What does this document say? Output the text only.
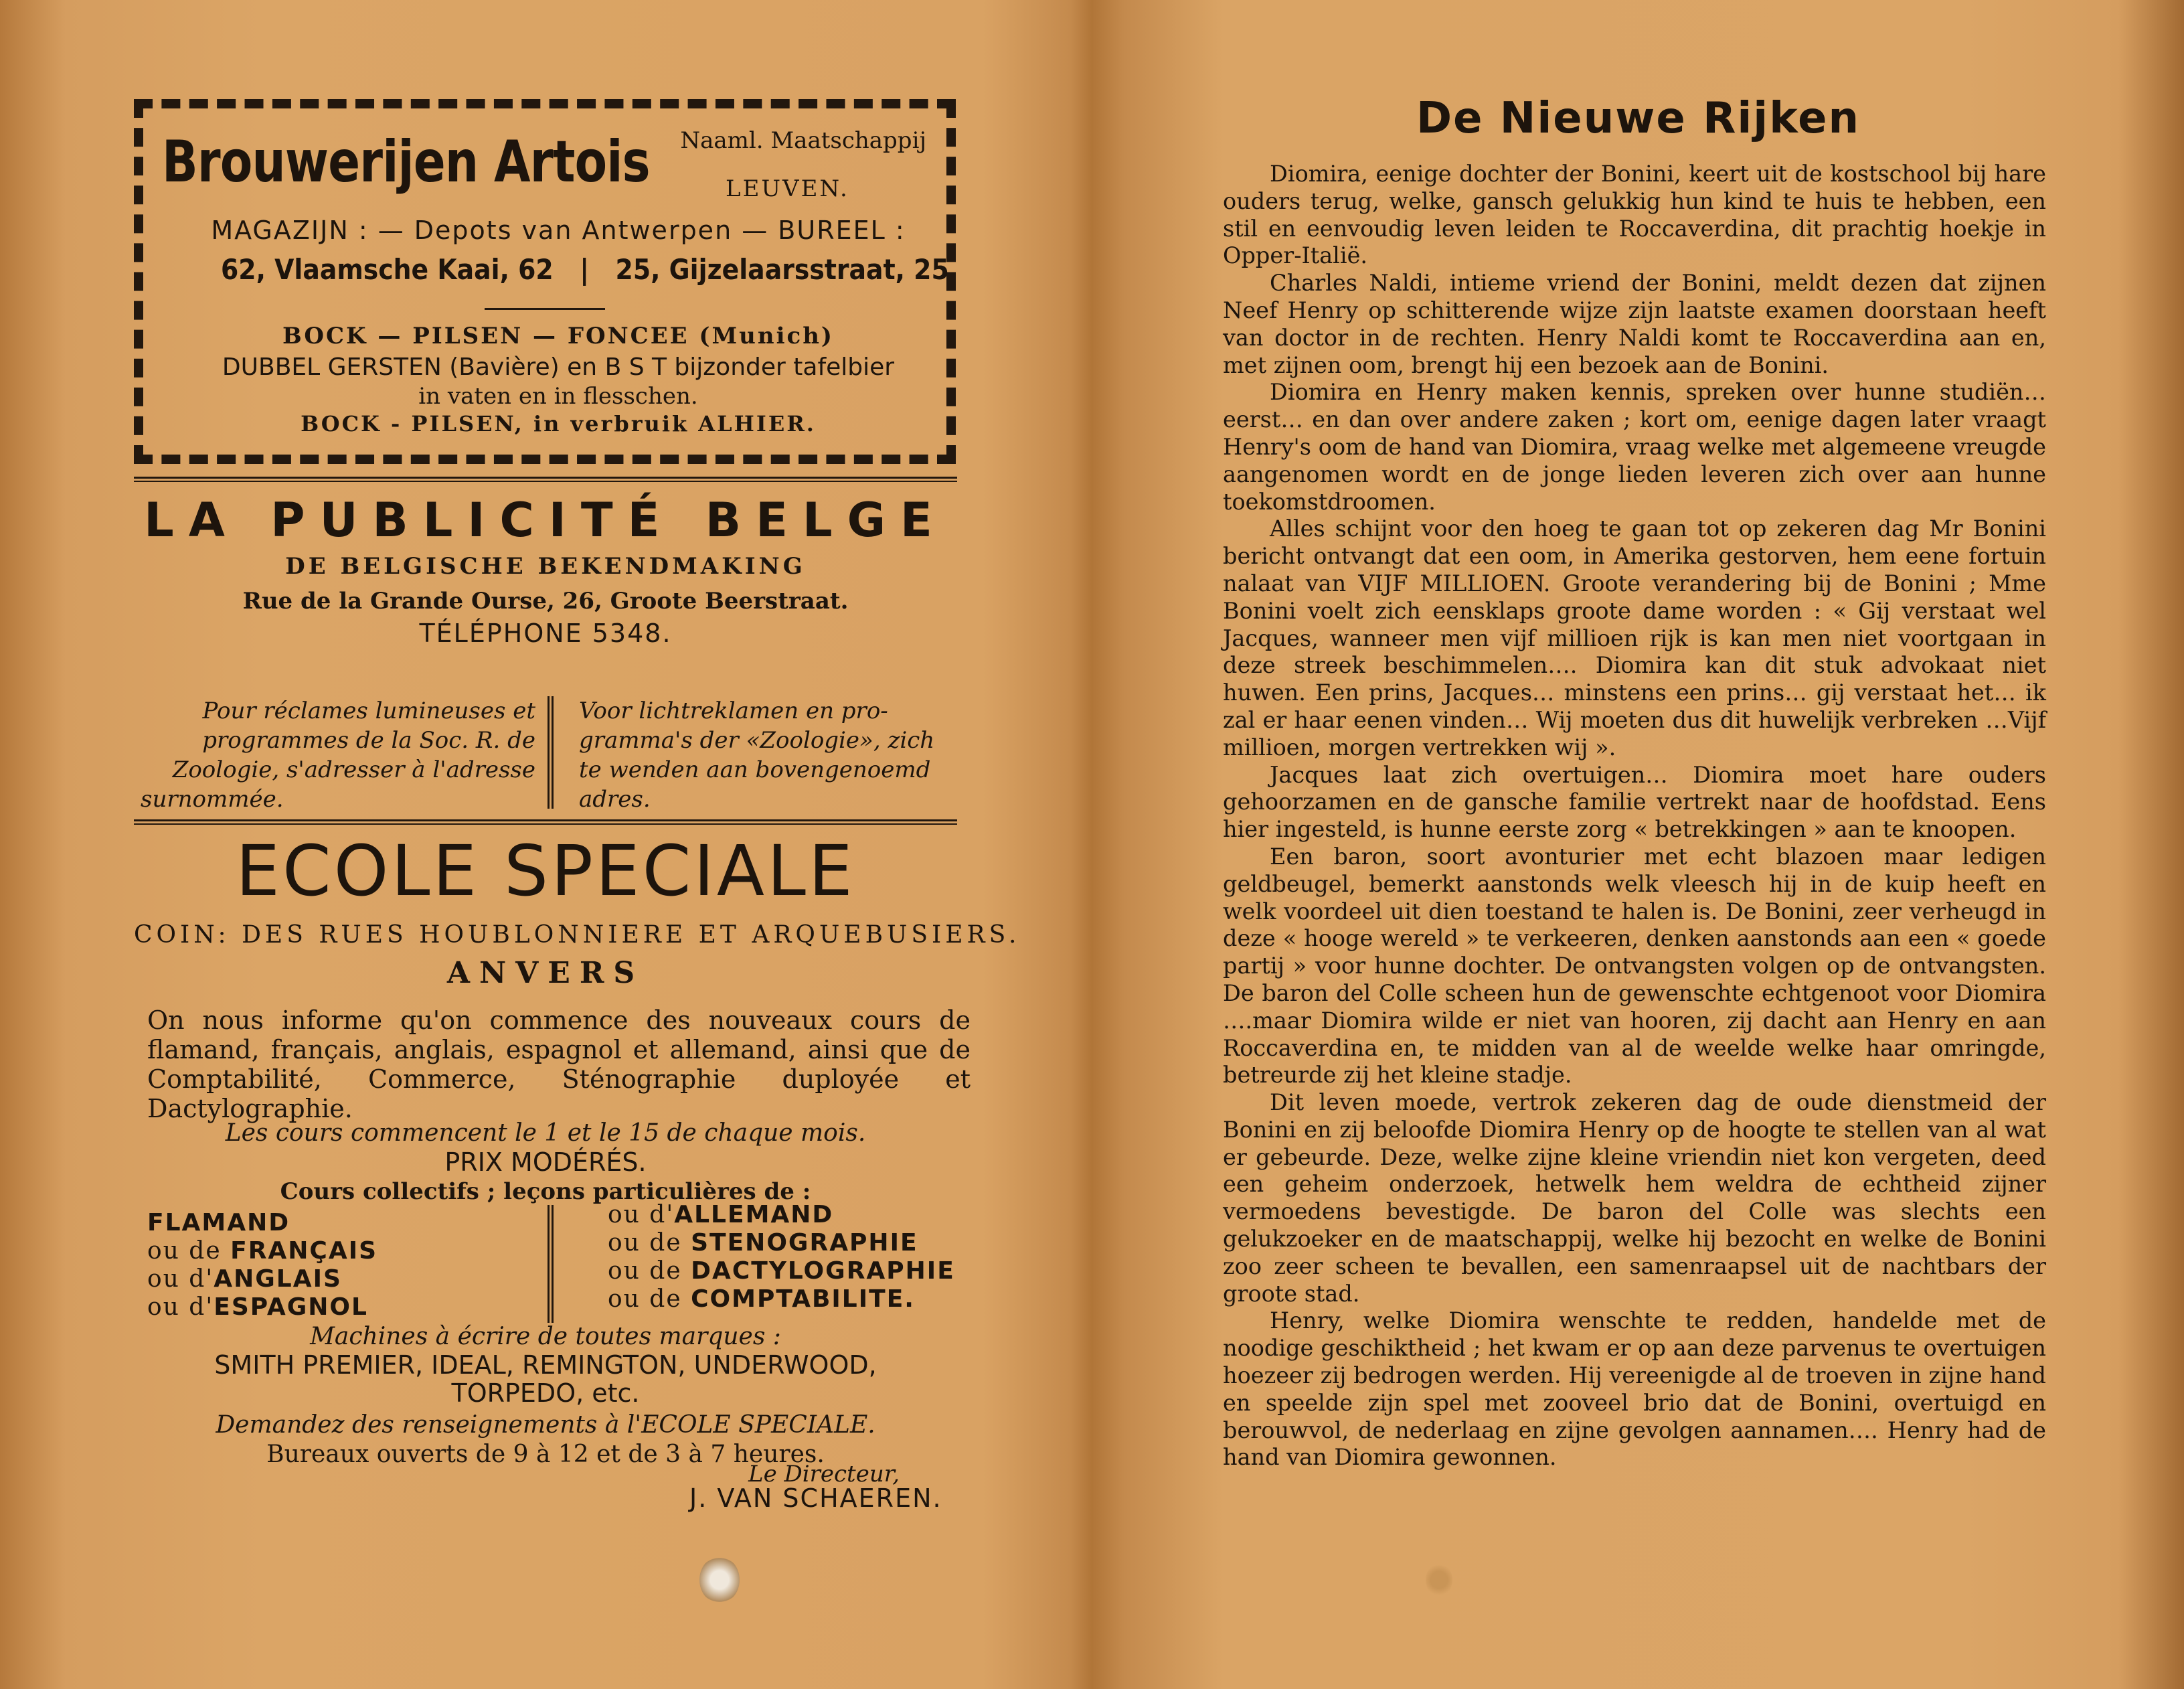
Brouwerijen Artois Naaml. Maatschappij
LEUVEN.
MAGAZIJN : — Depots van Antwerpen — BUREEL :
62, Vlaamsche Kaai, 62 | 25, Gijzelaarsstraat, 25
BOCK — PILSEN — FONCEE (Munich)
DUBBEL GERSTEN (Bavière) en B S T bijzonder tafelbier
in vaten en in flesschen.
BOCK - PILSEN, in verbruik ALHIER.
LA PUBLICITÉ BELGE
DE BELGISCHE BEKENDMAKING
Rue de la Grande Ourse, 26, Groote Beerstraat.
TÉLÉPHONE 5348.
Pour réclames lumineuses et
programmes de la Soc. R. de
Zoologie, s'adresser à l'adresse
surnommée.
Voor lichtreklamen en pro-
gramma's der «Zoologie», zich
te wenden aan bovengenoemd
adres.
ECOLE SPECIALE
COIN: DES RUES HOUBLONNIERE ET ARQUEBUSIERS.
ANVERS
On nous informe qu'on commence des nouveaux cours de flamand, français, anglais, espagnol et allemand, ainsi que de Comptabilité, Commerce, Sténographie duployée et Dactylographie.
Les cours commencent le 1 et le 15 de chaque mois.
PRIX MODÉRÉS.
Cours collectifs ; leçons particulières de :
FLAMAND
ou de FRANÇAIS
ou d'ANGLAIS
ou d'ESPAGNOL
ou d'ALLEMAND
ou de STENOGRAPHIE
ou de DACTYLOGRAPHIE
ou de COMPTABILITE.
Machines à écrire de toutes marques :
SMITH PREMIER, IDEAL, REMINGTON, UNDERWOOD,
TORPEDO, etc.
Demandez des renseignements à l'ECOLE SPECIALE.
Bureaux ouverts de 9 à 12 et de 3 à 7 heures.
Le Directeur,
J. VAN SCHAEREN.
De Nieuwe Rijken

Diomira, eenige dochter der Bonini, keert uit de kostschool bij hare ouders terug, welke, gansch gelukkig hun kind te huis te hebben, een stil en eenvoudig leven leiden te Roccaverdina, dit prachtig hoekje in Opper-Italië.

Charles Naldi, intieme vriend der Bonini, meldt dezen dat zijnen Neef Henry op schitterende wijze zijn laatste examen doorstaan heeft van doctor in de rechten. Henry Naldi komt te Roccaverdina aan en, met zijnen oom, brengt hij een bezoek aan de Bonini.

Diomira en Henry maken kennis, spreken over hunne studiën… eerst… en dan over andere zaken ; kort om, eenige dagen later vraagt Henry's oom de hand van Diomira, vraag welke met algemeene vreugde aangenomen wordt en de jonge lieden leveren zich over aan hunne toekomstdroomen.

Alles schijnt voor den hoeg te gaan tot op zekeren dag Mr Bonini bericht ontvangt dat een oom, in Amerika gestorven, hem eene fortuin nalaat van VIJF MILLIOEN. Groote verandering bij de Bonini ; Mme Bonini voelt zich eensklaps groote dame worden : « Gij verstaat wel Jacques, wanneer men vijf millioen rijk is kan men niet voortgaan in deze streek beschimmelen…. Diomira kan dit stuk advokaat niet huwen. Een prins, Jacques… minstens een prins… gij verstaat het… ik zal er haar eenen vinden… Wij moeten dus dit huwelijk verbreken …Vijf millioen, morgen vertrekken wij ».

Jacques laat zich overtuigen… Diomira moet hare ouders gehoorzamen en de gansche familie vertrekt naar de hoofdstad. Eens hier ingesteld, is hunne eerste zorg « betrekkingen » aan te knoopen.

Een baron, soort avonturier met echt blazoen maar ledigen geldbeugel, bemerkt aanstonds welk vleesch hij in de kuip heeft en welk voordeel uit dien toestand te halen is. De Bonini, zeer verheugd in deze « hooge wereld » te verkeeren, denken aanstonds aan een « goede partij » voor hunne dochter. De ontvangsten volgen op de ontvangsten. De baron del Colle scheen hun de gewenschte echtgenoot voor Diomira ….maar Diomira wilde er niet van hooren, zij dacht aan Henry en aan Roccaverdina en, te midden van al de weelde welke haar omringde, betreurde zij het kleine stadje.

Dit leven moede, vertrok zekeren dag de oude dienstmeid der Bonini en zij beloofde Diomira Henry op de hoogte te stellen van al wat er gebeurde. Deze, welke zijne kleine vriendin niet kon vergeten, deed een geheim onderzoek, hetwelk hem weldra de echtheid zijner vermoedens bevestigde. De baron del Colle was slechts een gelukzoeker en de maatschappij, welke hij bezocht en welke de Bonini zoo zeer scheen te bevallen, een samenraapsel uit de nachtbars der groote stad.

Henry, welke Diomira wenschte te redden, handelde met de noodige geschiktheid ; het kwam er op aan deze parvenus te overtuigen hoezeer zij bedrogen werden. Hij vereenigde al de troeven in zijne hand en speelde zijn spel met zooveel brio dat de Bonini, overtuigd en berouwvol, de nederlaag en zijne gevolgen aannamen…. Henry had de hand van Diomira gewonnen.
